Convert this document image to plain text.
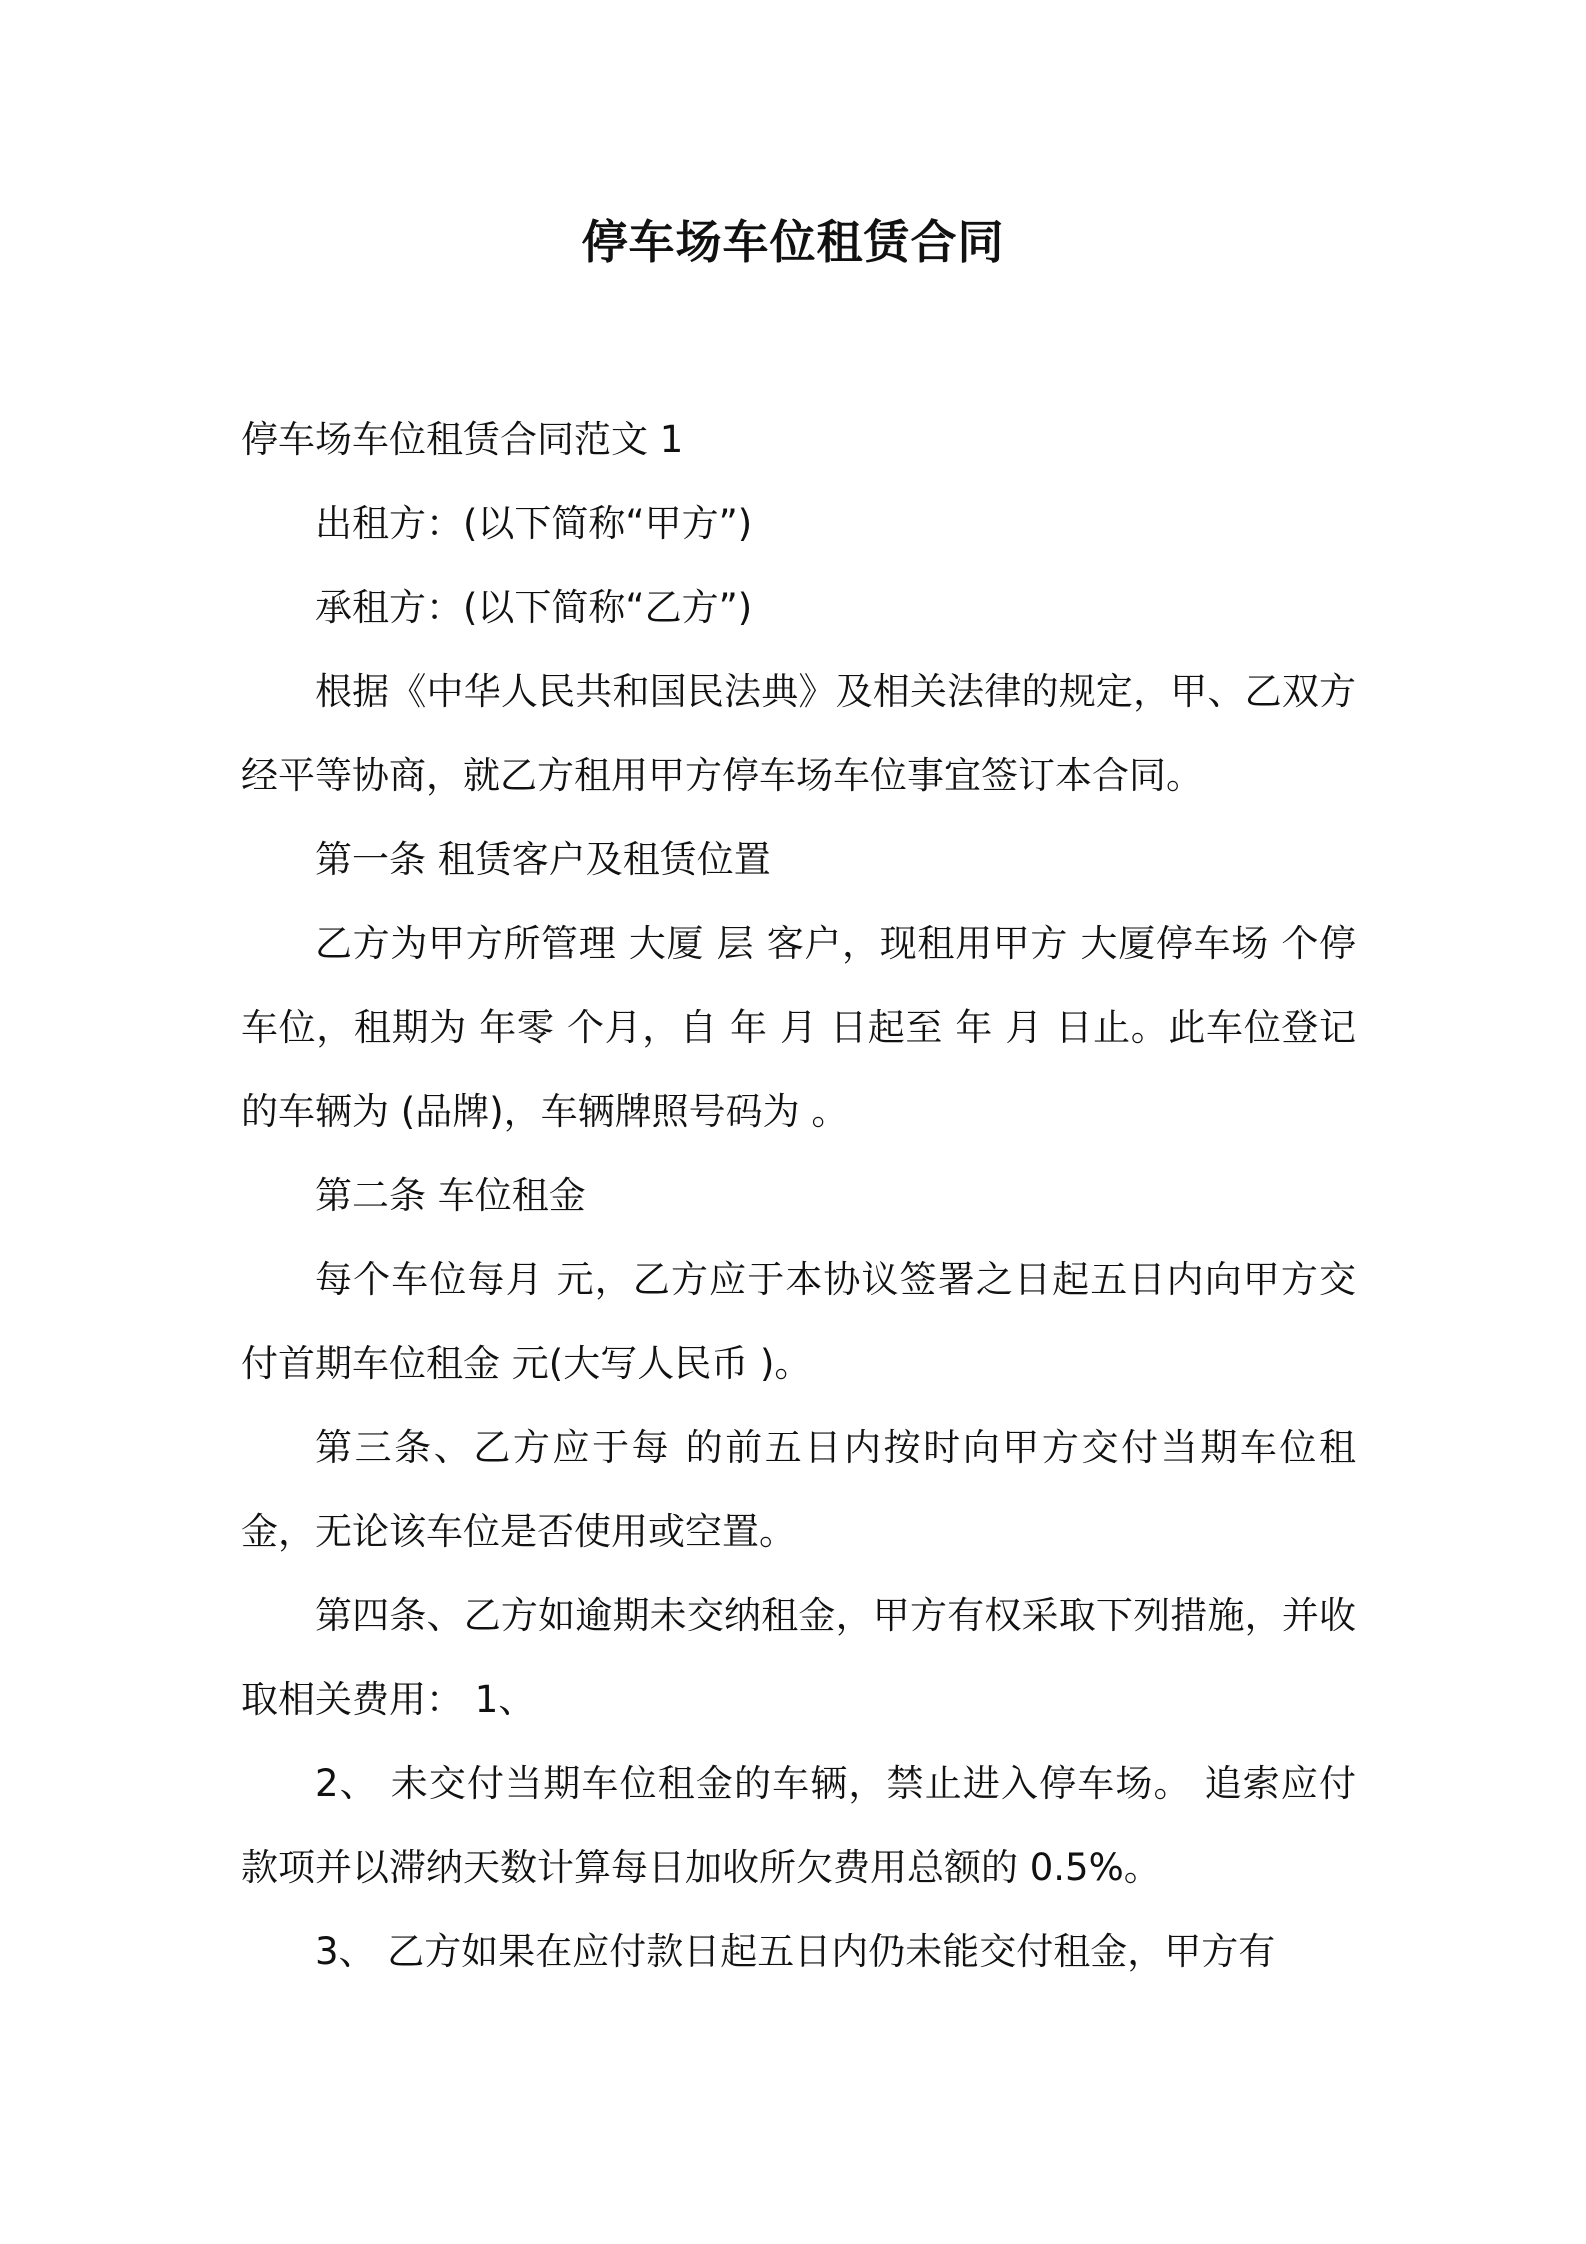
停车场车位租赁合同

停车场车位租赁合同范文 1

出租方：(以下简称“甲方”)

承租方：(以下简称“乙方”)

根据《中华人民共和国民法典》及相关法律的规定，甲、乙双方经平等协商，就乙方租用甲方停车场车位事宜签订本合同。

第一条 租赁客户及租赁位置

乙方为甲方所管理 大厦 层 客户，现租用甲方 大厦停车场 个停车位，租期为 年零 个月，自 年 月 日起至 年 月 日止。此车位登记的车辆为 (品牌)，车辆牌照号码为 。

第二条 车位租金

每个车位每月 元，乙方应于本协议签署之日起五日内向甲方交付首期车位租金 元(大写人民币 )。

第三条、乙方应于每 的前五日内按时向甲方交付当期车位租金，无论该车位是否使用或空置。

第四条、乙方如逾期未交纳租金，甲方有权采取下列措施，并收取相关费用： 1、

2、 未交付当期车位租金的车辆，禁止进入停车场。 追索应付款项并以滞纳天数计算每日加收所欠费用总额的 0.5%。

3、 乙方如果在应付款日起五日内仍未能交付租金，甲方有
